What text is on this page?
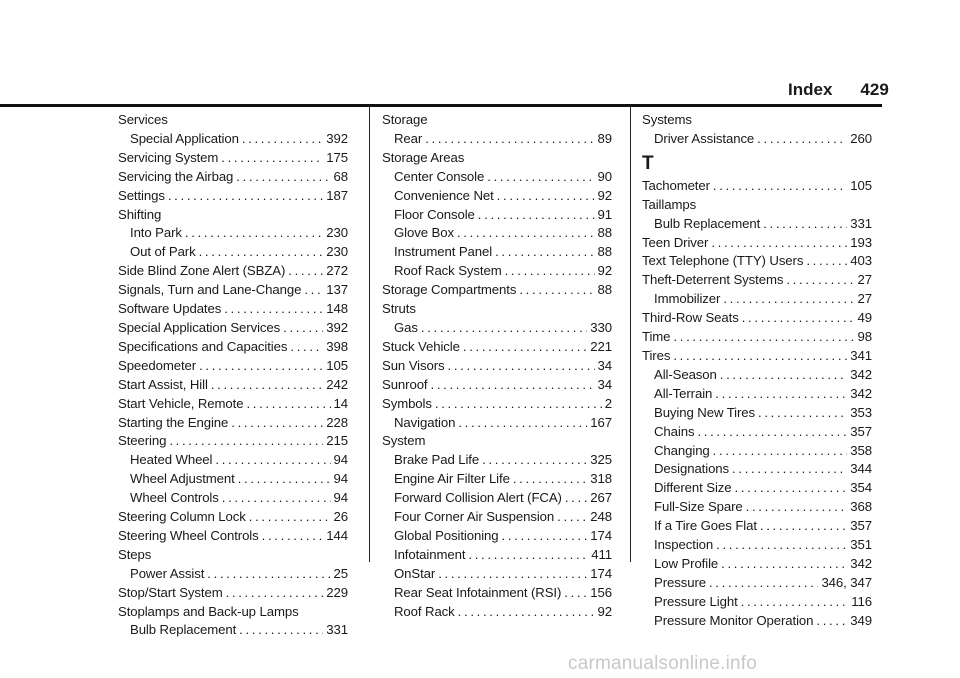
Index 429
Services
Special Application . . .	392
Servicing System . . .	175
Servicing the Airbag . . .	68
Settings . . .	187
Shifting
Into Park . . .	230
Out of Park . . .	230
Side Blind Zone Alert (SBZA) . . .	272
Signals, Turn and Lane-Change . . . 137
Software Updates . . .	148
Special Application Services . . .	392
Specifications and Capacities . . .	398
Speedometer . . .	105
Start Assist, Hill . . .	242
Start Vehicle, Remote . . .	14
Starting the Engine . . .	228
Steering . . .	215
Heated Wheel . . .	94
Wheel Adjustment . . .	94
Wheel Controls . . .	94
Steering Column Lock . . .	26
Steering Wheel Controls . . .	144
Steps
Power Assist . . .	25
Stop/Start System . . .	229
Stoplamps and Back-up Lamps
Bulb Replacement . . .	331
Storage
Rear . . .	89
Storage Areas
Center Console . . .	90
Convenience Net . . .	92
Floor Console . . .	91
Glove Box . . .	88
Instrument Panel . . .	88
Roof Rack System . . .	92
Storage Compartments . . .	88
Struts
Gas . . .	330
Stuck Vehicle . . .	221
Sun Visors . . .	34
Sunroof . . .	34
Symbols . . .	2
Navigation . . .	167
System
Brake Pad Life . . .	325
Engine Air Filter Life . . .	318
Forward Collision Alert (FCA) . . . 267
Four Corner Air Suspension . . .	248
Global Positioning . . .	174
Infotainment . . .	411
OnStar . . .	174
Rear Seat Infotainment (RSI) . . . 156
Roof Rack . . .	92
Systems
Driver Assistance . . .	260
T
Tachometer . . .	105
Taillamps
Bulb Replacement . . .	331
Teen Driver . . .	193
Text Telephone (TTY) Users . . .	403
Theft-Deterrent Systems . . .	27
Immobilizer . . .	27
Third-Row Seats . . .	49
Time . . .	98
Tires . . .	341
All-Season . . .	342
All-Terrain . . .	342
Buying New Tires . . .	353
Chains . . .	357
Changing . . .	358
Designations . . .	344
Different Size . . .	354
Full-Size Spare . . .	368
If a Tire Goes Flat . . .	357
Inspection . . .	351
Low Profile . . .	342
Pressure . . .	346, 347
Pressure Light . . .	116
Pressure Monitor Operation . . .	349
carmanualsonline.info
